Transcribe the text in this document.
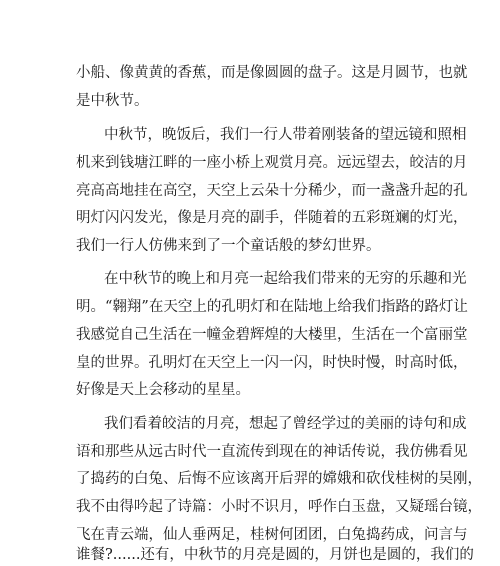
小船、像黄黄的香蕉，而是像圆圆的盘子。这是月圆节，也就
是中秋节。
中秋节，晚饭后，我们一行人带着刚装备的望远镜和照相
机来到钱塘江畔的一座小桥上观赏月亮。远远望去，皎洁的月
亮高高地挂在高空，天空上云朵十分稀少，而一盏盏升起的孔
明灯闪闪发光，像是月亮的副手，伴随着的五彩斑斓的灯光，
我们一行人仿佛来到了一个童话般的梦幻世界。
在中秋节的晚上和月亮一起给我们带来的无穷的乐趣和光
明。“翱翔”在天空上的孔明灯和在陆地上给我们指路的路灯让
我感觉自己生活在一幢金碧辉煌的大楼里，生活在一个富丽堂
皇的世界。孔明灯在天空上一闪一闪，时快时慢，时高时低，
好像是天上会移动的星星。
我们看着皎洁的月亮，想起了曾经学过的美丽的诗句和成
语和那些从远古时代一直流传到现在的神话传说，我仿佛看见
了捣药的白兔、后悔不应该离开后羿的嫦娥和砍伐桂树的吴刚，
我不由得吟起了诗篇：小时不识月，呼作白玉盘，又疑瑶台镜，
飞在青云端，仙人垂两足，桂树何团团，白兔捣药成，问言与
谁餐?......还有，中秋节的月亮是圆的，月饼也是圆的，我们的
